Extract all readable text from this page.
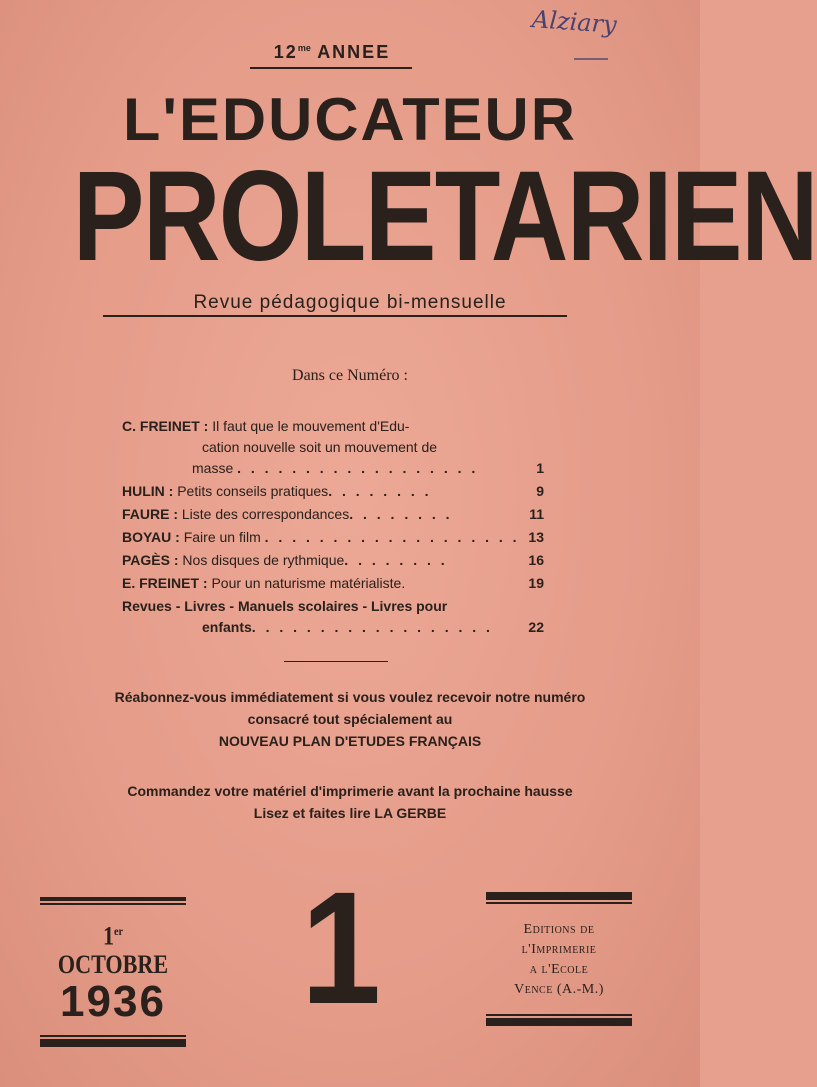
Alziary
$12^{me}$ ANNEE
L'EDUCATEUR
PROLETARIEN
Revue pédagogique bi-mensuelle
Dans ce Numéro :
C. FREINET : Il faut que le mouvement d'Edu-
cation nouvelle soit un mouvement de
masse . . . . . . . . . . . . . . . . . .	1
HULIN : Petits conseils pratiques. . . . . . . .	9
FAURE : Liste des correspondances. . . . . . . .	11
BOYAU : Faire un film . . . . . . . . . . . . . . . . . . . 13
PAGÈS : Nos disques de rythmique. . . . . . . .	16
E. FREINET : Pour un naturisme matérialiste.	19
Revues - Livres - Manuels scolaires - Livres pour
enfants. . . . . . . . . . . . . . . . . .	22
Réabonnez-vous immédiatement si vous voulez recevoir notre numéro
consacré tout spécialement au
NOUVEAU PLAN D'ETUDES FRANÇAIS
Commandez votre matériel d'imprimerie avant la prochaine hausse
Lisez et faites lire LA GERBE
1er OCTOBRE
1936 1	Editions de
l'Imprimerie
a l'Ecole
Vence (A.-M.)
